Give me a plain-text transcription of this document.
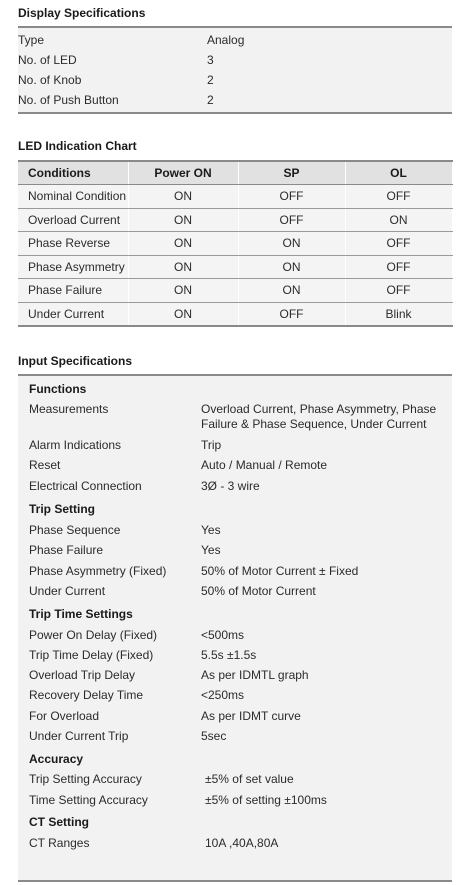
Display Specifications
Type	Analog
No. of LED	3
No. of Knob	2
No. of Push Button	2
LED Indication Chart
Conditions	Power ON	SP	OL
Nominal Condition	ON	OFF	OFF
Overload Current	ON	OFF	ON
Phase Reverse	ON	ON	OFF
Phase Asymmetry	ON	ON	OFF
Phase Failure	ON	ON	OFF
Under Current	ON	OFF	Blink
Input Specifications
Functions
Measurements	Overload Current, Phase Asymmetry, Phase Failure & Phase Sequence, Under Current
Alarm Indications	Trip
Reset	Auto / Manual / Remote
Electrical Connection	3Ø - 3 wire
Trip Setting
Phase Sequence	Yes
Phase Failure	Yes
Phase Asymmetry (Fixed)	50% of Motor Current ± Fixed
Under Current	50% of Motor Current
Trip Time Settings
Power On Delay (Fixed)	<500ms
Trip Time Delay (Fixed)	5.5s ±1.5s
Overload Trip Delay	As per IDMTL graph
Recovery Delay Time	<250ms
For Overload	As per IDMT curve
Under Current Trip	5sec
Accuracy
Trip Setting Accuracy	±5% of set value
Time Setting Accuracy	±5% of setting ±100ms
CT Setting
CT Ranges	10A ,40A,80A
